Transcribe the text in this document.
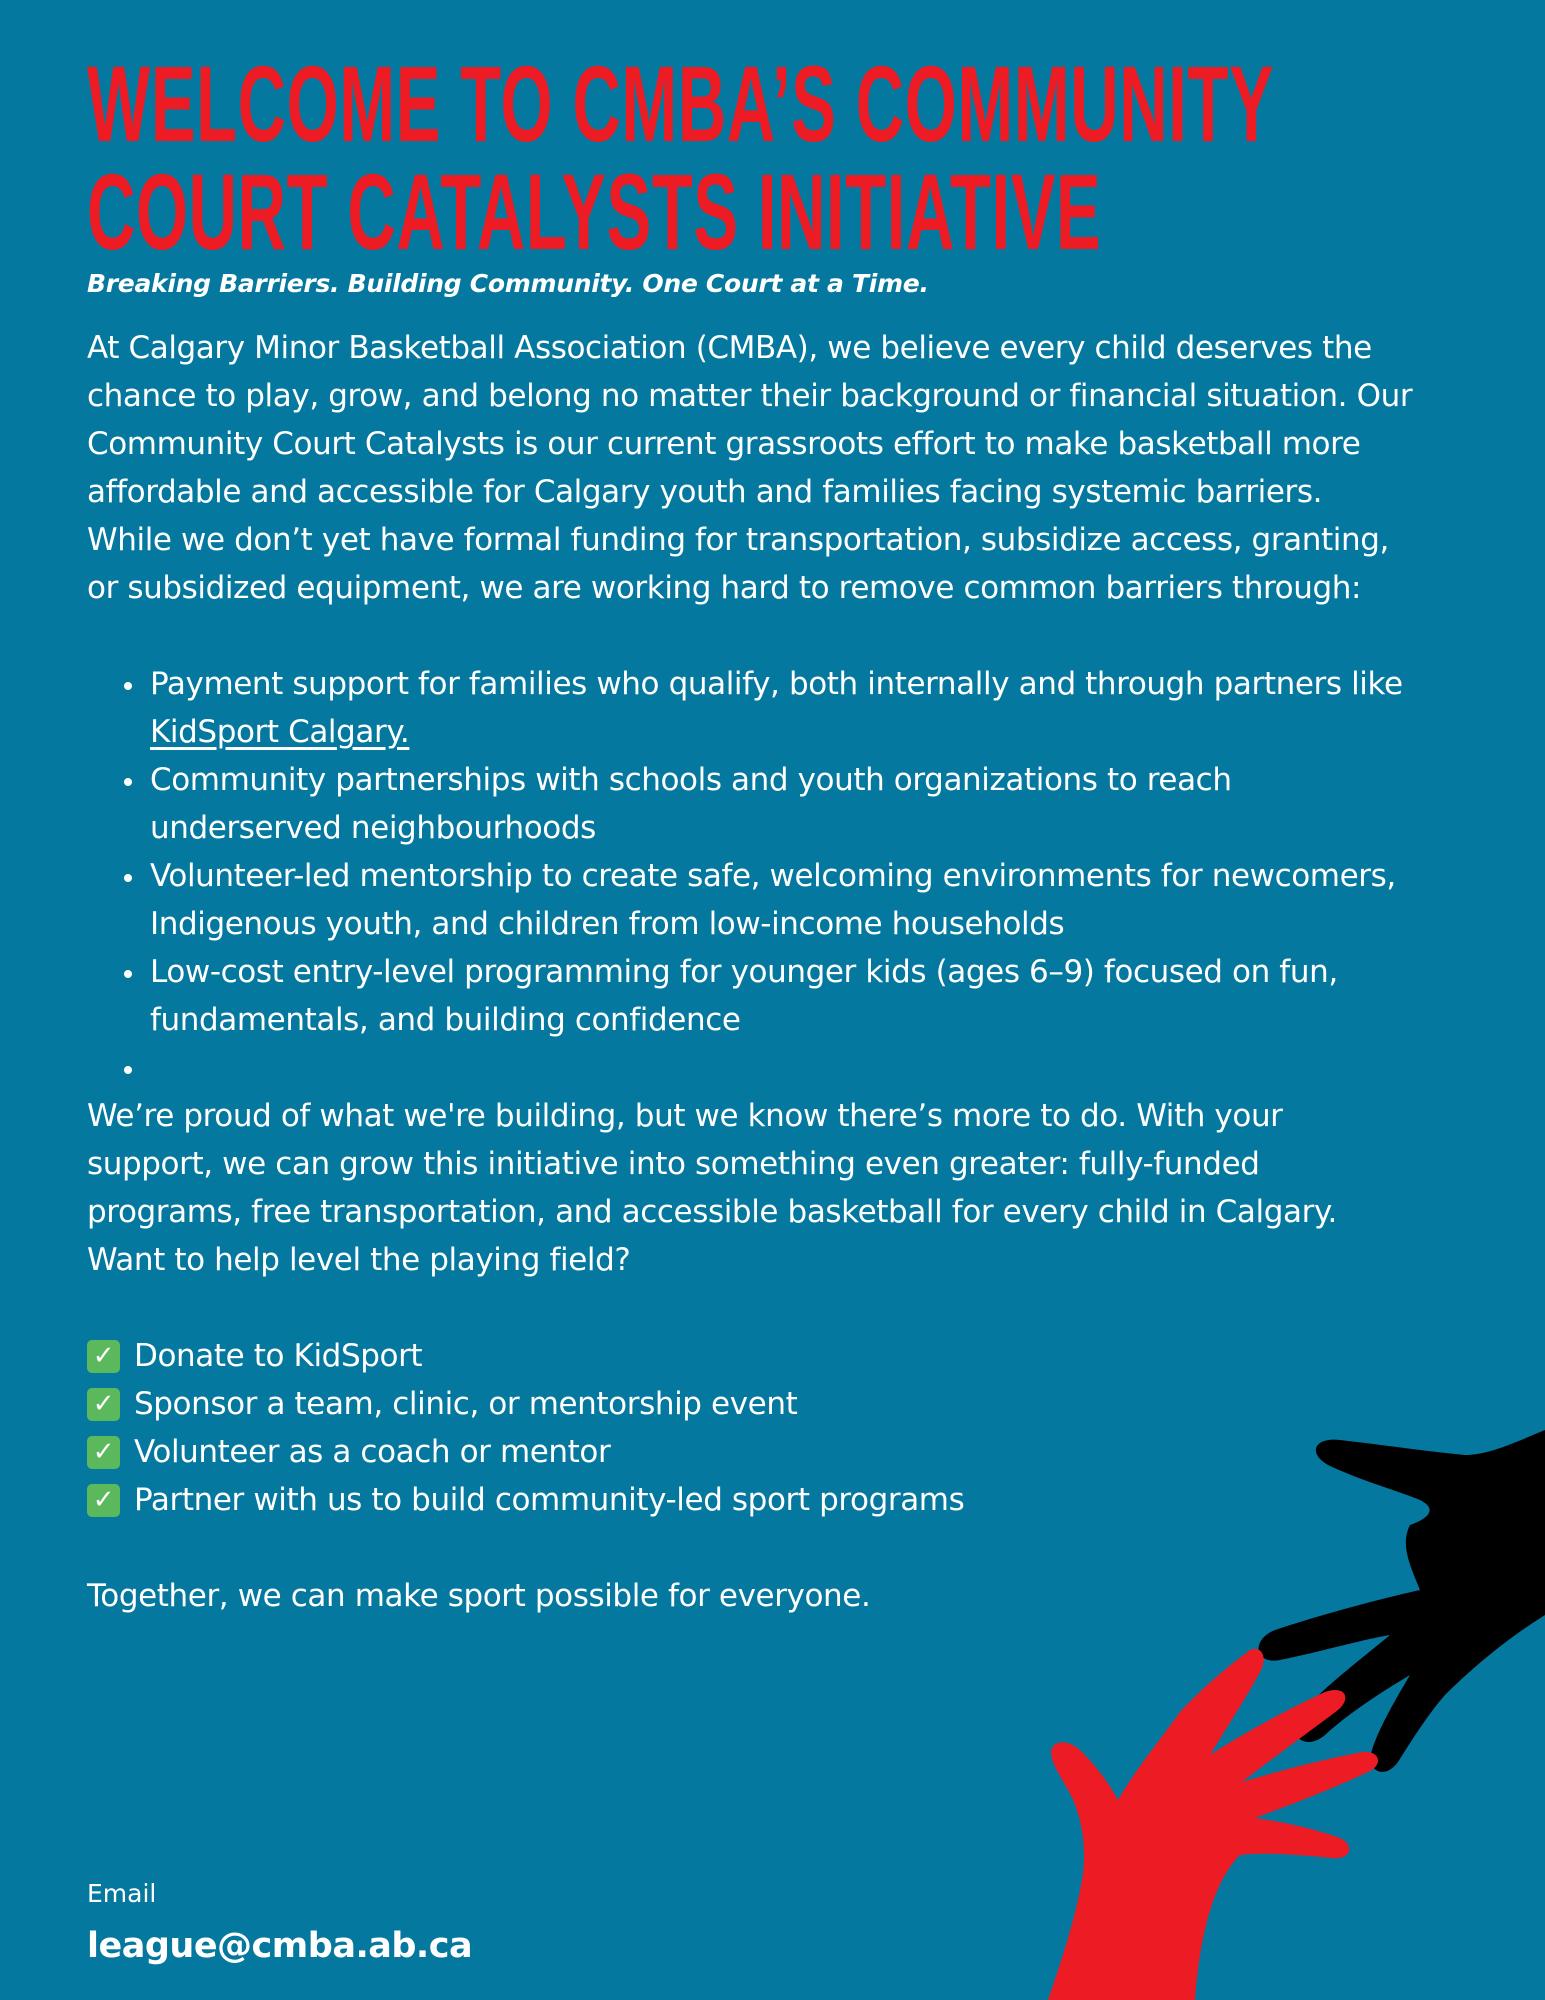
WELCOME TO CMBA’S COMMUNITY
COURT CATALYSTS INITIATIVE
Breaking Barriers. Building Community. One Court at a Time.
At Calgary Minor Basketball Association (CMBA), we believe every child deserves the chance to play, grow, and belong no matter their background or financial situation. Our Community Court Catalysts is our current grassroots effort to make basketball more affordable and accessible for Calgary youth and families facing systemic barriers.
While we don’t yet have formal funding for transportation, subsidize access, granting, or subsidized equipment, we are working hard to remove common barriers through:
Payment support for families who qualify, both internally and through partners like KidSport Calgary.
Community partnerships with schools and youth organizations to reach underserved neighbourhoods
Volunteer-led mentorship to create safe, welcoming environments for newcomers, Indigenous youth, and children from low-income households
Low-cost entry-level programming for younger kids (ages 6–9) focused on fun, fundamentals, and building confidence
We’re proud of what we're building, but we know there’s more to do. With your support, we can grow this initiative into something even greater: fully-funded programs, free transportation, and accessible basketball for every child in Calgary.
Want to help level the playing field?
✓ Donate to KidSport
✓ Sponsor a team, clinic, or mentorship event
✓ Volunteer as a coach or mentor
✓ Partner with us to build community-led sport programs
Together, we can make sport possible for everyone.
Email
league@cmba.ab.ca
